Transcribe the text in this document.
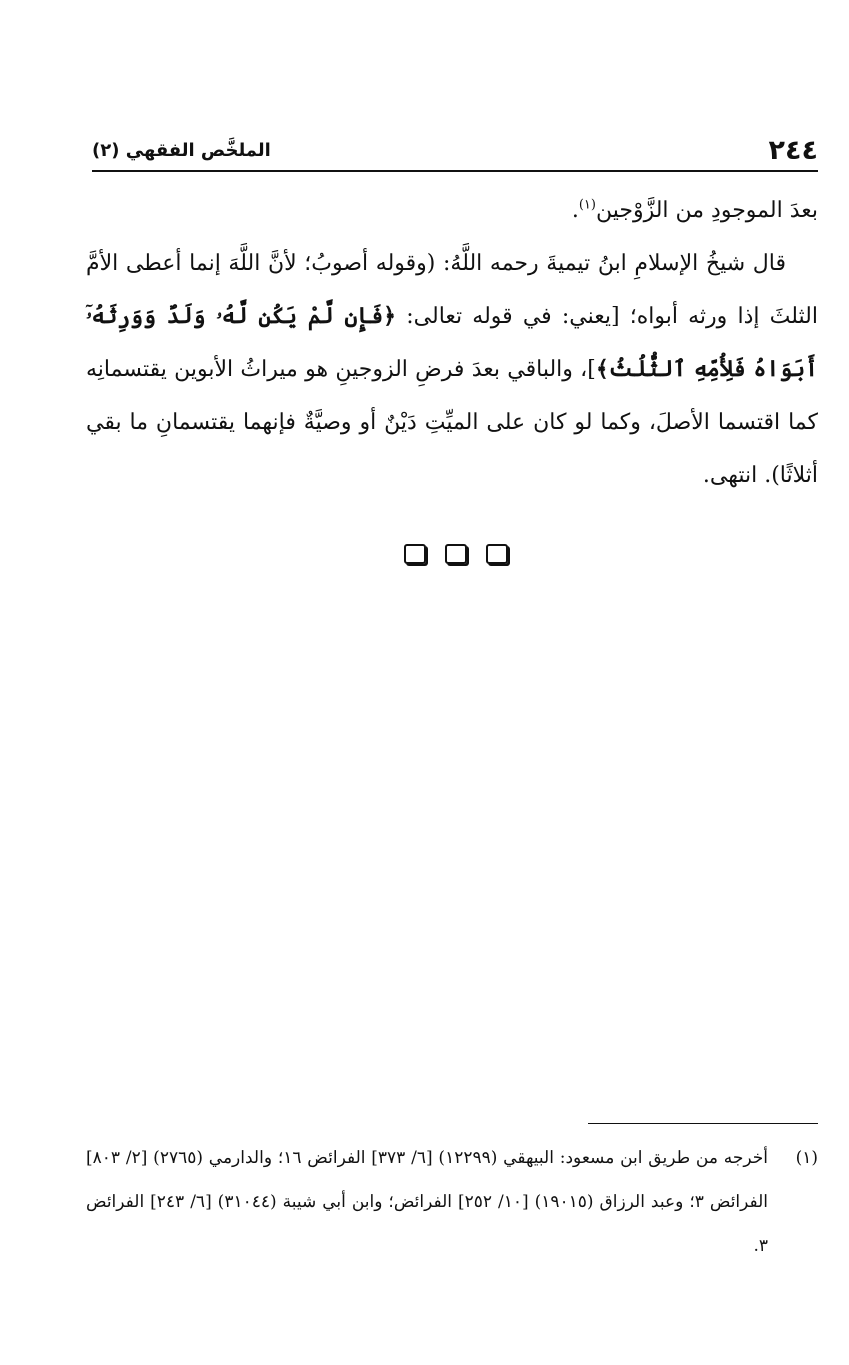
٢٤٤
الملخَّص الفقهي (٢)

بعدَ الموجودِ من الزَّوْجين$^{(١)}$.

قال شيخُ الإسلامِ ابنُ تيميةَ رحمه اللَّهُ: (وقوله أصوبُ؛ لأنَّ اللَّهَ إنما أعطى الأمَّ الثلثَ إذا ورثه أبواه؛ [يعني: في قوله تعالى: ﴿فَإِن لَّمْ يَكُن لَّهُۥ وَلَدٌ وَوَرِثَهُۥٓ أَبَوَاهُ فَلِأُمِّهِ ٱلثُّلُثُ﴾]، والباقي بعدَ فرضِ الزوجينِ هو ميراثُ الأبوين يقتسمانِه كما اقتسما الأصلَ، وكما لو كان على الميِّتِ دَيْنٌ أو وصيَّةٌ فإنهما يقتسمانِ ما بقي أثلاثًا). انتهى.

(١)
أخرجه من طريق ابن مسعود: البيهقي (١٢٢٩٩) [٦/ ٣٧٣] الفرائض ١٦؛ والدارمي (٢٧٦٥) [٢/ ٨٠٣] الفرائض ٣؛ وعبد الرزاق (١٩٠١٥) [١٠/ ٢٥٢] الفرائض؛ وابن أبي شيبة (٣١٠٤٤) [٦/ ٢٤٣] الفرائض ٣.
